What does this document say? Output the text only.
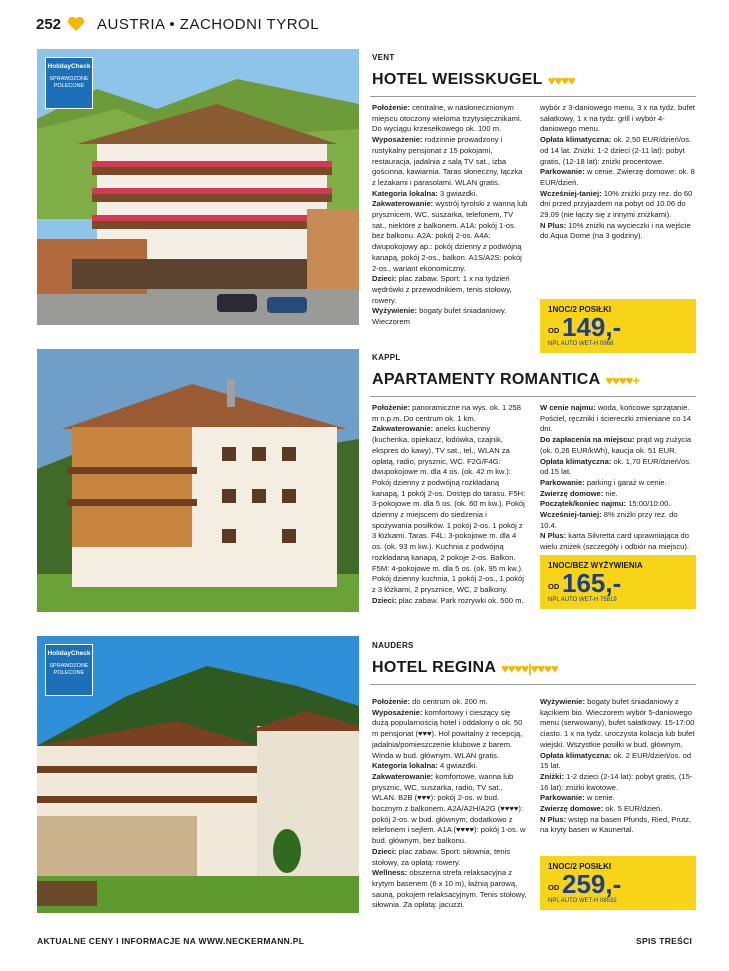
252 AUSTRIA • ZACHODNI TYROL
HolidayCheck
SPRAWDZONE POLECONE
VENT
HOTEL WEISSKUGEL ♥♥♥♥
Położenie: centralne, w nasłonecznionym miejscu otoczony wieloma trzytysięcznikami. Do wyciągu krzesełkowego ok. 100 m.
Wyposażenie: rodzinnie prowadzony i rustykalny pensjonat z 15 pokojami, restauracja, jadalnia z salą TV sat., izba gościnna, kawiarnia. Taras słoneczny, łączka z leżakami i parasolami. WLAN gratis.
Kategoria lokalna: 3 gwiazdki.
Zakwaterowanie: wystrój tyrolski z wanną lub prysznicem, WC, suszarka, telefonem, TV sat., niektóre z balkonem. A1A: pokój 1-os. bez balkonu. A2A: pokój 2-os. A4A: dwupokojowy ap.: pokój dzienny z podwójną kanapą, pokój 2-os., balkon. A1S/A2S: pokój 2-os., wariant ekonomiczny.
Dzieci: plac zabaw. Sport: 1 x na tydzień wędrówki z przewodnikiem, tenis stołowy, rowery.
Wyżywienie: bogaty bufet śniadaniowy. Wieczorem
wybór z 3-daniowego menu, 3 x na tydz. bufet sałatkowy, 1 x na tydz. grill i wybór 4-daniowego menu.
Opłata klimatyczna: ok. 2,50 EUR/dzień/os. od 14 lat. Zniżki: 1-2 dzieci (2-11 lat): pobyt gratis, (12-18 lat): zniżki procentowe.
Parkowanie: w cenie. Zwierzę domowe: ok. 8 EUR/dzień.
Wcześniej-taniej: 10% zniżki przy rez. do 60 dni przed przyjazdem na pobyt od 10.06 do 29.09 (nie łączy się z innymi zniżkami).
N Plus: 10% zniżki na wycieczki i na wejście do Aqua Dome (na 3 godziny).
1NOC/2 POSIŁKI
OD 149,-
NPL AUTO WET-H 0968
KAPPL
APARTAMENTY ROMANTICA ♥♥♥♥+
Położenie: panoramiczne na wys. ok. 1 258 m n.p.m. Do centrum ok. 1 km.
Zakwaterowanie: aneks kuchenny (kuchenka, opiekacz, lodówka, czajnik, ekspres do kawy), TV sat., tel., WLAN za opłatą, radio, prysznic, WC. F2G/F4G: dwupokojowe m. dla 4 os. (ok. 42 m kw.): Pokój dzienny z podwójną rozkładaną kanapą, 1 pokój 2-os. Dostęp do tarasu. F5H: 3-pokojowe m. dla 5 os. (ok. 60 m kw.). Pokój dzienny z miejscem do siedzenia i spożywania posiłków. 1 pokój 2-os. 1 pokój z 3 łóżkami. Taras. F4L: 3-pokojowe m. dla 4 os. (ok. 93 m kw.). Kuchnia z podwójną rozkładaną kanapą, 2 pokoje 2-os. Balkon. F5M: 4-pokojowe m. dla 5 os. (ok. 95 m kw.). Pokój dzienny kuchnia, 1 pokój 2-os., 1 pokój z 3 łóżkami, 2 prysznice, WC, 2 balkony.
Dzieci: plac zabaw. Park rozrywki ok. 500 m.
W cenie najmu: woda, końcowe sprzątanie. Pościel, ręczniki i ściereczki zmieniane co 14 dni.
Do zapłacenia na miejscu: prąd wg zużycia (ok. 0,26 EUR/kWh), kaucja ok. 51 EUR.
Opłata klimatyczna: ok. 1,70 EUR/dzień/os. od 15 lat.
Parkowanie: parking i garaż w cenie.
Zwierzę domowe: nie.
Początek/koniec najmu: 15:00/10:00.
Wcześniej-taniej: 8% zniżki przy rez. do 10.4.
N Plus: karta Silvretta card uprawniająca do wielu zniżek (szczegóły i odbiór na miejscu).
1NOC/BEZ WYŻYWIENIA
OD 165,-
NPL AUTO WET-H 75819
HolidayCheck
SPRAWDZONE POLECONE
NAUDERS
HOTEL REGINA ♥♥♥♥|♥♥♥♥
Położenie: do centrum ok. 200 m.
Wyposażenie: komfortowy i cieszący się dużą popularnością hotel i oddalony o ok. 50 m pensjonat (♥♥♥). Hol powitalny z recepcją, jadalnia/pomieszczenie klubowe z barem. Winda w bud. głównym. WLAN gratis.
Kategoria lokalna: 4 gwiazdki.
Zakwaterowanie: komfortowe, wanna lub prysznic, WC, suszarka, radio, TV sat., WLAN. B2B (♥♥♥): pokój 2-os. w bud. bocznym z balkonem. A2A/A2H/A2G (♥♥♥♥): pokój 2-os. w bud. głównym, dodatkowo z telefonem i sejfem. A1A (♥♥♥♥): pokój 1-os. w bud. głównym, bez balkonu.
Dzieci: plac zabaw. Sport: siłownia, tenis stołowy, za opłatą: rowery.
Wellness: obszerna strefa relaksacyjna z krytym basenem (6 x 10 m), łaźnią parową, sauną, pokojem relaksacyjnym. Tenis stołowy, siłownia. Za opłatą: jacuzzi.
Wyżywienie: bogaty bufet śniadaniowy z kącikiem bio. Wieczorem wybór 5-daniowego menu (serwowany), bufet sałatkowy. 15-17:00 ciasto. 1 x na tydz. uroczysta kolacja lub bufet wiejski. Wszystkie posiłki w bud. głównym.
Opłata klimatyczna: ok. 2 EUR/dzień/os. od 15 lat.
Zniżki: 1-2 dzieci (2-14 lat): pobyt gratis, (15-16 lat): zniżki kwotowe.
Parkowanie: w cenie.
Zwierzę domowe: ok. 5 EUR/dzień.
N Plus: wstęp na basen Pfunds, Ried, Prutz, na kryty basen w Kaunertal.
1NOC/2 POSIŁKI
OD 259,-
NPL AUTO WET-H 08532
AKTUALNE CENY I INFORMACJE NA WWW.NECKERMANN.PL	SPIS TREŚCI
